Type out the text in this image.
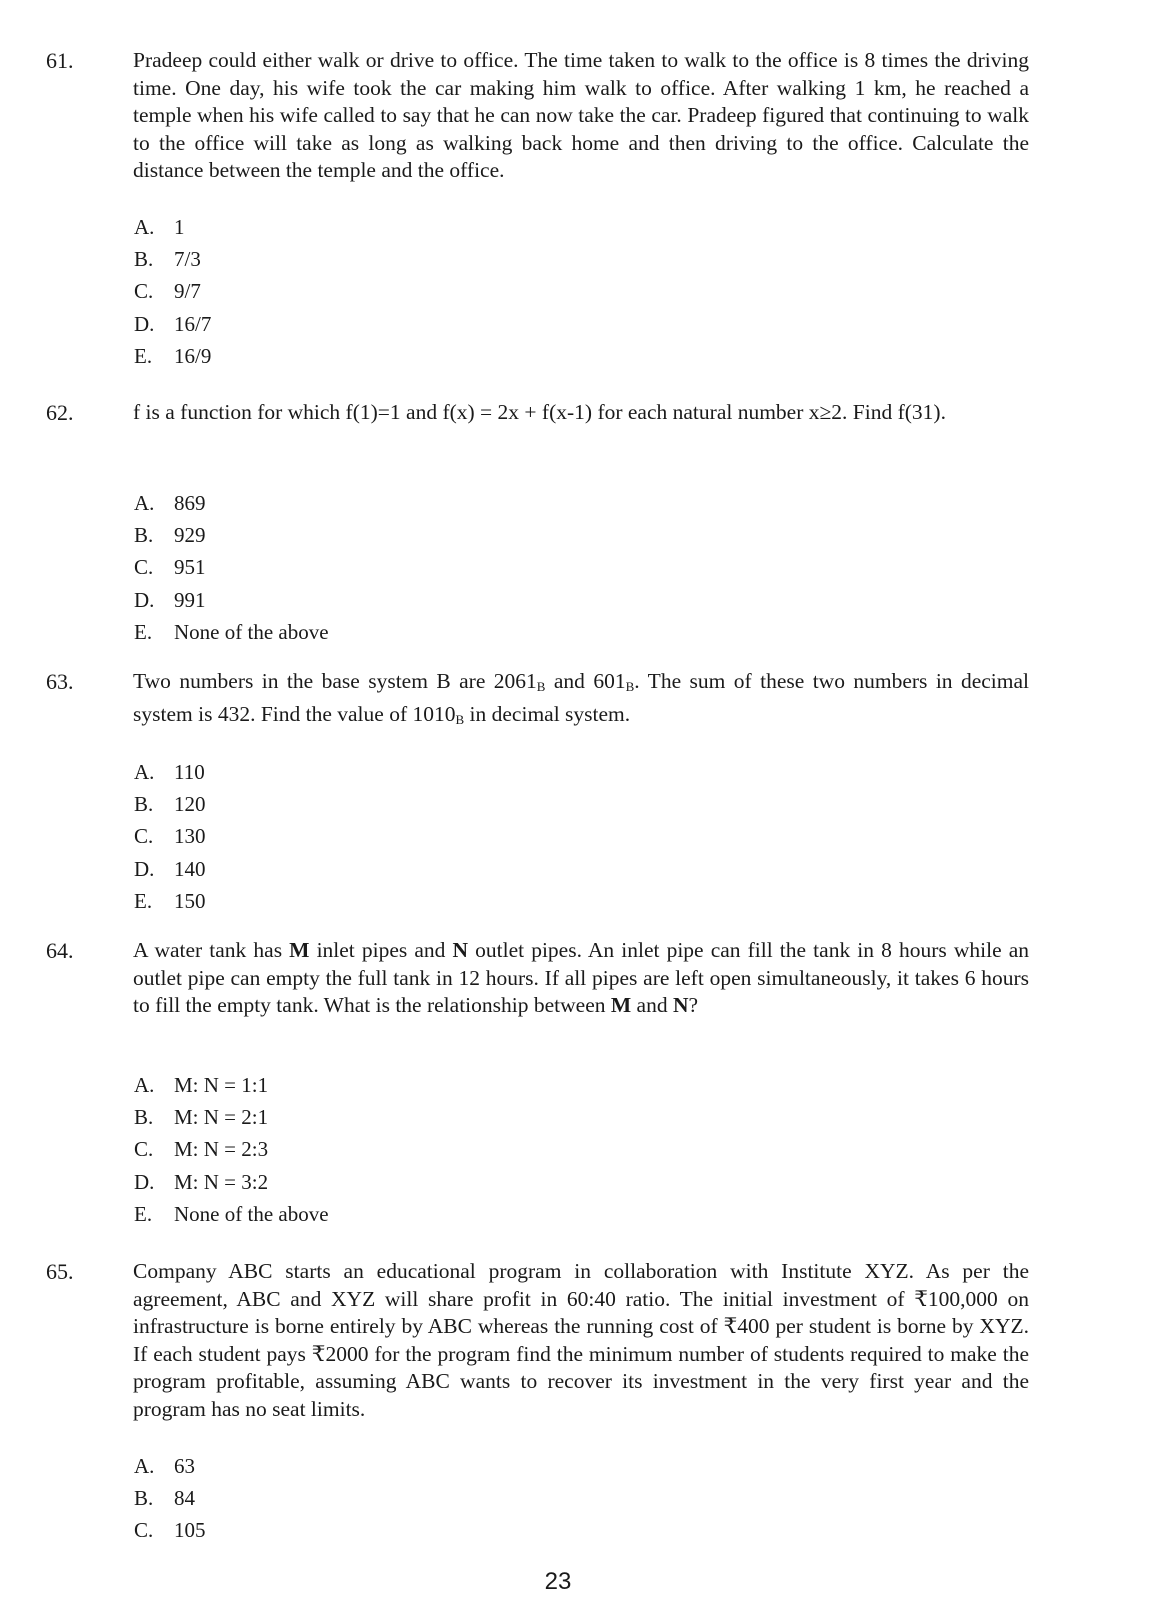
61.	Pradeep could either walk or drive to office. The time taken to walk to the office is 8 times the driving time. One day, his wife took the car making him walk to office. After walking 1 km, he reached a temple when his wife called to say that he can now take the car. Pradeep figured that continuing to walk to the office will take as long as walking back home and then driving to the office. Calculate the distance between the temple and the office.

A. 1
B. 7/3
C. 9/7
D. 16/7
E. 16/9
62.	f is a function for which f(1)=1 and f(x) = 2x + f(x-1) for each natural number x≥2. Find f(31).

A. 869
B. 929
C. 951
D. 991
E. None of the above
63.	Two numbers in the base system B are $2061_B$ and $601_B$. The sum of these two numbers in decimal system is 432. Find the value of $1010_B$ in decimal system.

A. 110
B. 120
C. 130
D. 140
E. 150
64.	A water tank has M inlet pipes and N outlet pipes. An inlet pipe can fill the tank in 8 hours while an outlet pipe can empty the full tank in 12 hours. If all pipes are left open simultaneously, it takes 6 hours to fill the empty tank. What is the relationship between M and N?

A. M: N = 1:1
B. M: N = 2:1
C. M: N = 2:3
D. M: N = 3:2
E. None of the above
65.	Company ABC starts an educational program in collaboration with Institute XYZ. As per the agreement, ABC and XYZ will share profit in 60:40 ratio. The initial investment of ₹100,000 on infrastructure is borne entirely by ABC whereas the running cost of ₹400 per student is borne by XYZ. If each student pays ₹2000 for the program find the minimum number of students required to make the program profitable, assuming ABC wants to recover its investment in the very first year and the program has no seat limits.

A. 63
B. 84
C. 105
23
